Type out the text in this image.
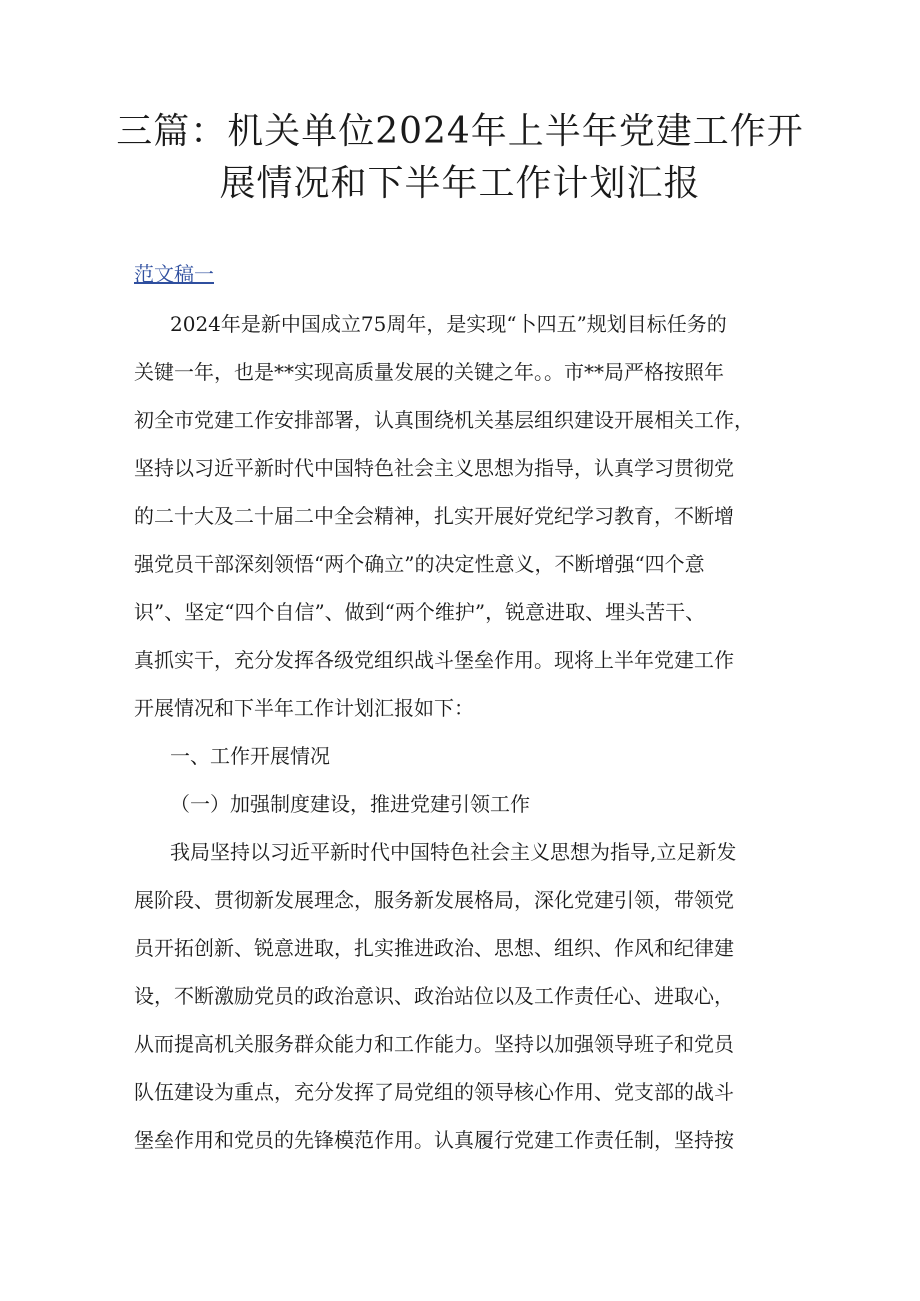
三篇：机关单位2024年上半年党建工作开
展情况和下半年工作计划汇报
范文稿一
2024年是新中国成立75周年，是实现“卜四五”规划目标任务的
关键一年，也是**实现高质量发展的关键之年。。市**局严格按照年
初全市党建工作安排部署，认真围绕机关基层组织建设开展相关工作，
坚持以习近平新时代中国特色社会主义思想为指导，认真学习贯彻党
的二十大及二十届二中全会精神，扎实开展好党纪学习教育，不断增
强党员干部深刻领悟“两个确立”的决定性意义，不断增强“四个意
识”、坚定“四个自信”、做到“两个维护”，锐意进取、埋头苦干、
真抓实干，充分发挥各级党组织战斗堡垒作用。现将上半年党建工作
开展情况和下半年工作计划汇报如下：
一、工作开展情况
（一）加强制度建设，推进党建引领工作
我局坚持以习近平新时代中国特色社会主义思想为指导,立足新发
展阶段、贯彻新发展理念，服务新发展格局，深化党建引领，带领党
员开拓创新、锐意进取，扎实推进政治、思想、组织、作风和纪律建
设，不断激励党员的政治意识、政治站位以及工作责任心、进取心，
从而提高机关服务群众能力和工作能力。坚持以加强领导班子和党员
队伍建设为重点，充分发挥了局党组的领导核心作用、党支部的战斗
堡垒作用和党员的先锋模范作用。认真履行党建工作责任制，坚持按
